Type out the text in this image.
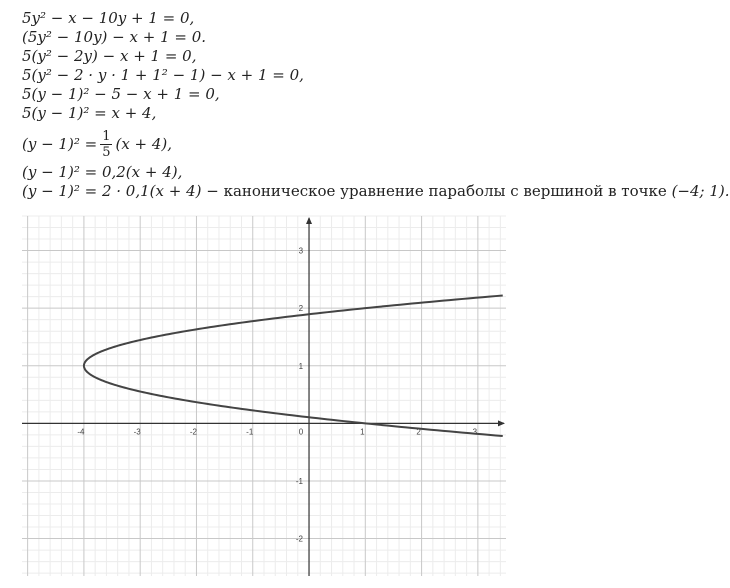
5y² − x − 10y + 1 = 0,
(5y² − 10y) − x + 1 = 0.
5(y² − 2y) − x + 1 = 0,
5(y² − 2 · y · 1 + 1² − 1) − x + 1 = 0,
5(y − 1)² − 5 − x + 1 = 0,
5(y − 1)² = x + 4,
$(y - 1)^2 = \frac{1}{5} (x + 4)$,
(y − 1)² = 0,2(x + 4),
(y − 1)² = 2 · 0,1(x + 4) − каноническое уравнение параболы с вершиной в точке (−4; 1).
-4	-3	-2	-1	0	1	2	3
3
2
1
-1
-2
